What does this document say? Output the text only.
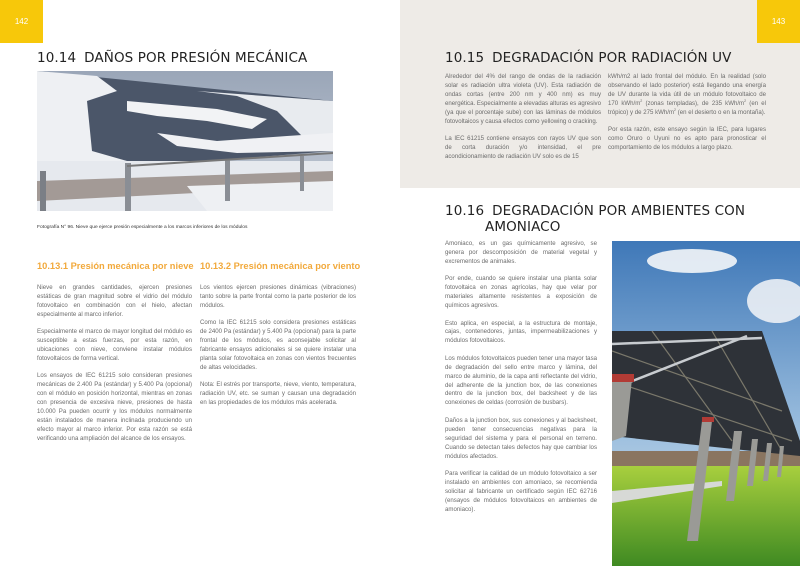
142
10.14 DAÑOS POR PRESIÓN MECÁNICA
Fotografía N° 96. Nieve que ejerce presión especialmente a los marcos inferiores de los módulos
10.13.1 Presión mecánica por nieve 10.13.2 Presión mecánica por viento

Nieve en grandes cantidades, ejercen presiones estáticas de gran magnitud sobre el vidrio del módulo fotovoltaico en combinación con el hielo, afectan especialmente al marco inferior.

Especialmente el marco de mayor longitud del módulo es susceptible a estas fuerzas, por esta razón, en ubicaciones con nieve, conviene instalar módulos fotovoltaicos de forma vertical.

Los ensayos de IEC 61215 solo consideran presiones mecánicas de 2.400 Pa (estándar) y 5.400 Pa (opcional) con el módulo en posición horizontal, mientras en zonas con presencia de excesiva nieve, presiones de hasta 10.000 Pa pueden ocurrir y los módulos normalmente están instalados de manera inclinada produciendo un efecto mayor al marco inferior. Por esta razón se está verificando una ampliación del alcance de los ensayos.

Los vientos ejercen presiones dinámicas (vibraciones) tanto sobre la parte frontal como la parte posterior de los módulos.

Como la IEC 61215 solo considera presiones estáticas de 2400 Pa (estándar) y 5.400 Pa (opcional) para la parte frontal de los módulos, es aconsejable solicitar al fabricante ensayos adicionales si se quiere instalar una planta solar fotovoltaica en zonas con vientos frecuentes de altas velocidades.

Nota: El estrés por transporte, nieve, viento, temperatura, radiación UV, etc. se suman y causan una degradación en las propiedades de los módulos más acelerada.

143
10.15 DEGRADACIÓN POR RADIACIÓN UV

Alrededor del 4% del rango de ondas de la radiación solar es radiación ultra violeta (UV). Esta radiación de ondas cortas (entre 200 nm y 400 nm) es muy energética. Especialmente a elevadas alturas es agresivo (ya que el porcentaje sube) con las láminas de módulos fotovoltaicos y causa efectos como yellowing o cracking.

La IEC 61215 contiene ensayos con rayos UV que son de corta duración y/o intensidad, el pre acondicionamiento de radiación UV solo es de 15

kWh/m2 al lado frontal del módulo. En la realidad (solo observando el lado posterior) está llegando una energía de UV durante la vida útil de un módulo fotovoltaico de 170 kWh/$m^2$ (zonas templadas), de 235 kWh/$m^2$ (en el trópico) y de 275 kWh/$m^2$ (en el desierto o en la montaña).

Por esta razón, este ensayo según la IEC, para lugares como Oruro o Uyuni no es apto para pronosticar el comportamiento de los módulos a largo plazo.

10.16 DEGRADACIÓN POR AMBIENTES CON
AMONIACO

Amoniaco, es un gas químicamente agresivo, se genera por descomposición de material vegetal y excrementos de animales.

Por ende, cuando se quiere instalar una planta solar fotovoltaica en zonas agrícolas, hay que velar por materiales altamente resistentes a exposición de químicos agresivos.

Esto aplica, en especial, a la estructura de montaje, cajas, contenedores, juntas, impermeabilizaciones y módulos fotovoltaicos.

Los módulos fotovoltaicos pueden tener una mayor tasa de degradación del sello entre marco y lámina, del marco de aluminio, de la capa anti reflectante del vidrio, del adherente de la junction box, de las conexiones dentro de la junction box, del backsheet y de las conexiones de celdas (corrosión de busbars).

Daños a la junction box, sus conexiones y al backsheet, pueden tener consecuencias negativas para la seguridad del sistema y para el personal en terreno. Cuando se detectan tales defectos hay que cambiar los módulos afectados.

Para verificar la calidad de un módulo fotovoltaico a ser instalado en ambientes con amoniaco, se recomienda solicitar al fabricante un certificado según IEC 62716 (ensayos de módulos fotovoltaicos en ambientes de amoniaco).
